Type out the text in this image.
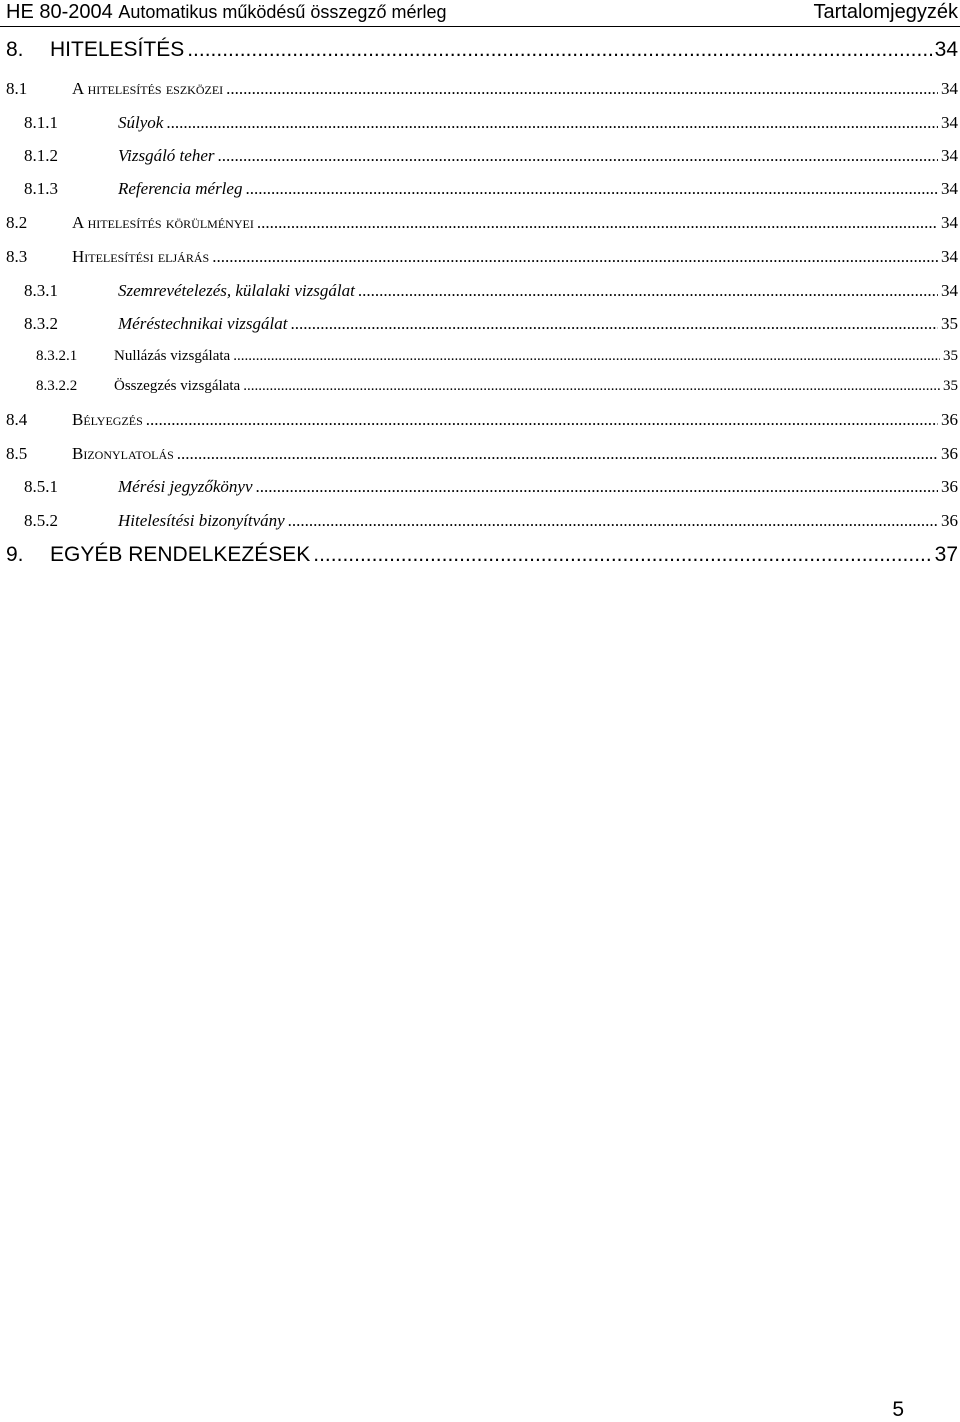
HE 80-2004 Automatikus működésű összegző mérleg	Tartalomjegyzék
8.	HITELESÍTÉS .....	34
8.1	A hitelesítés eszközei .....	34
8.1.1	Súlyok .....	34
8.1.2	Vizsgáló teher .....	34
8.1.3	Referencia mérleg .....	34
8.2	A hitelesítés körülményei .....	34
8.3	Hitelesítési eljárás .....	34
8.3.1	Szemrevételezés, külalaki vizsgálat .....	34
8.3.2	Méréstechnikai vizsgálat .....	35
8.3.2.1	Nullázás vizsgálata .....	35
8.3.2.2	Összegzés vizsgálata .....	35
8.4	Bélyegzés .....	36
8.5	Bizonylatolás .....	36
8.5.1	Mérési jegyzőkönyv .....	36
8.5.2	Hitelesítési bizonyítvány .....	36
9.	EGYÉB RENDELKEZÉSEK .....	37
5
